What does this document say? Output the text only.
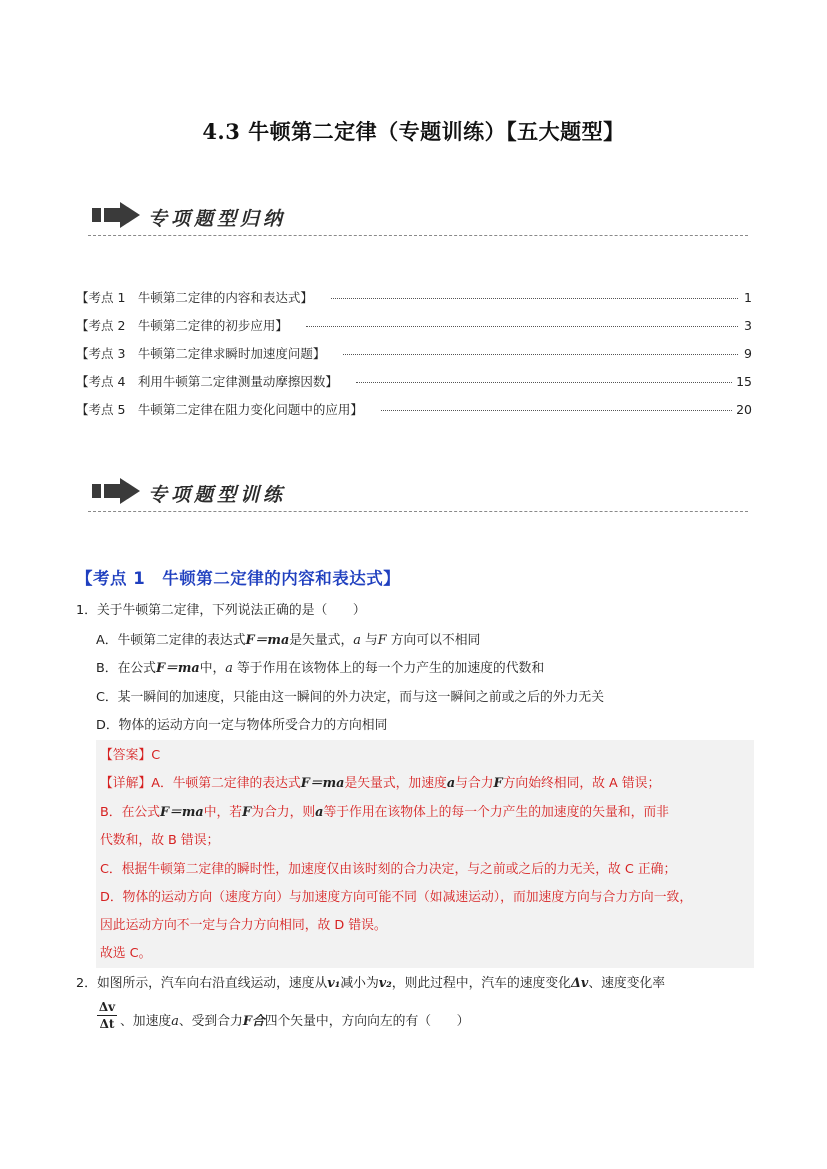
4.3 牛顿第二定律（专题训练）【五大题型】
专项题型归纳
【考点 1　牛顿第二定律的内容和表达式】	1
【考点 2　牛顿第二定律的初步应用】	3
【考点 3　牛顿第二定律求瞬时加速度问题】	9
【考点 4　利用牛顿第二定律测量动摩擦因数】	15
【考点 5　牛顿第二定律在阻力变化问题中的应用】	20
专项题型训练
【考点 1　牛顿第二定律的内容和表达式】
1．关于牛顿第二定律，下列说法正确的是（　　）
A．牛顿第二定律的表达式F＝ma是矢量式，a 与F 方向可以不相同
B．在公式F＝ma中，a 等于作用在该物体上的每一个力产生的加速度的代数和
C．某一瞬间的加速度，只能由这一瞬间的外力决定，而与这一瞬间之前或之后的外力无关
D．物体的运动方向一定与物体所受合力的方向相同
【答案】C
【详解】A．牛顿第二定律的表达式F＝ma是矢量式，加速度a与合力F方向始终相同，故 A 错误；
B．在公式F＝ma中，若F为合力，则a等于作用在该物体上的每一个力产生的加速度的矢量和，而非
代数和，故 B 错误；
C．根据牛顿第二定律的瞬时性，加速度仅由该时刻的合力决定，与之前或之后的力无关，故 C 正确；
D．物体的运动方向（速度方向）与加速度方向可能不同（如减速运动），而加速度方向与合力方向一致，
因此运动方向不一定与合力方向相同，故 D 错误。
故选 C。
2．如图所示，汽车向右沿直线运动，速度从v₁减小为v₂，则此过程中，汽车的速度变化Δv、速度变化率
Δv
Δt 、加速度a、受到合力F合四个矢量中，方向向左的有（　　）
